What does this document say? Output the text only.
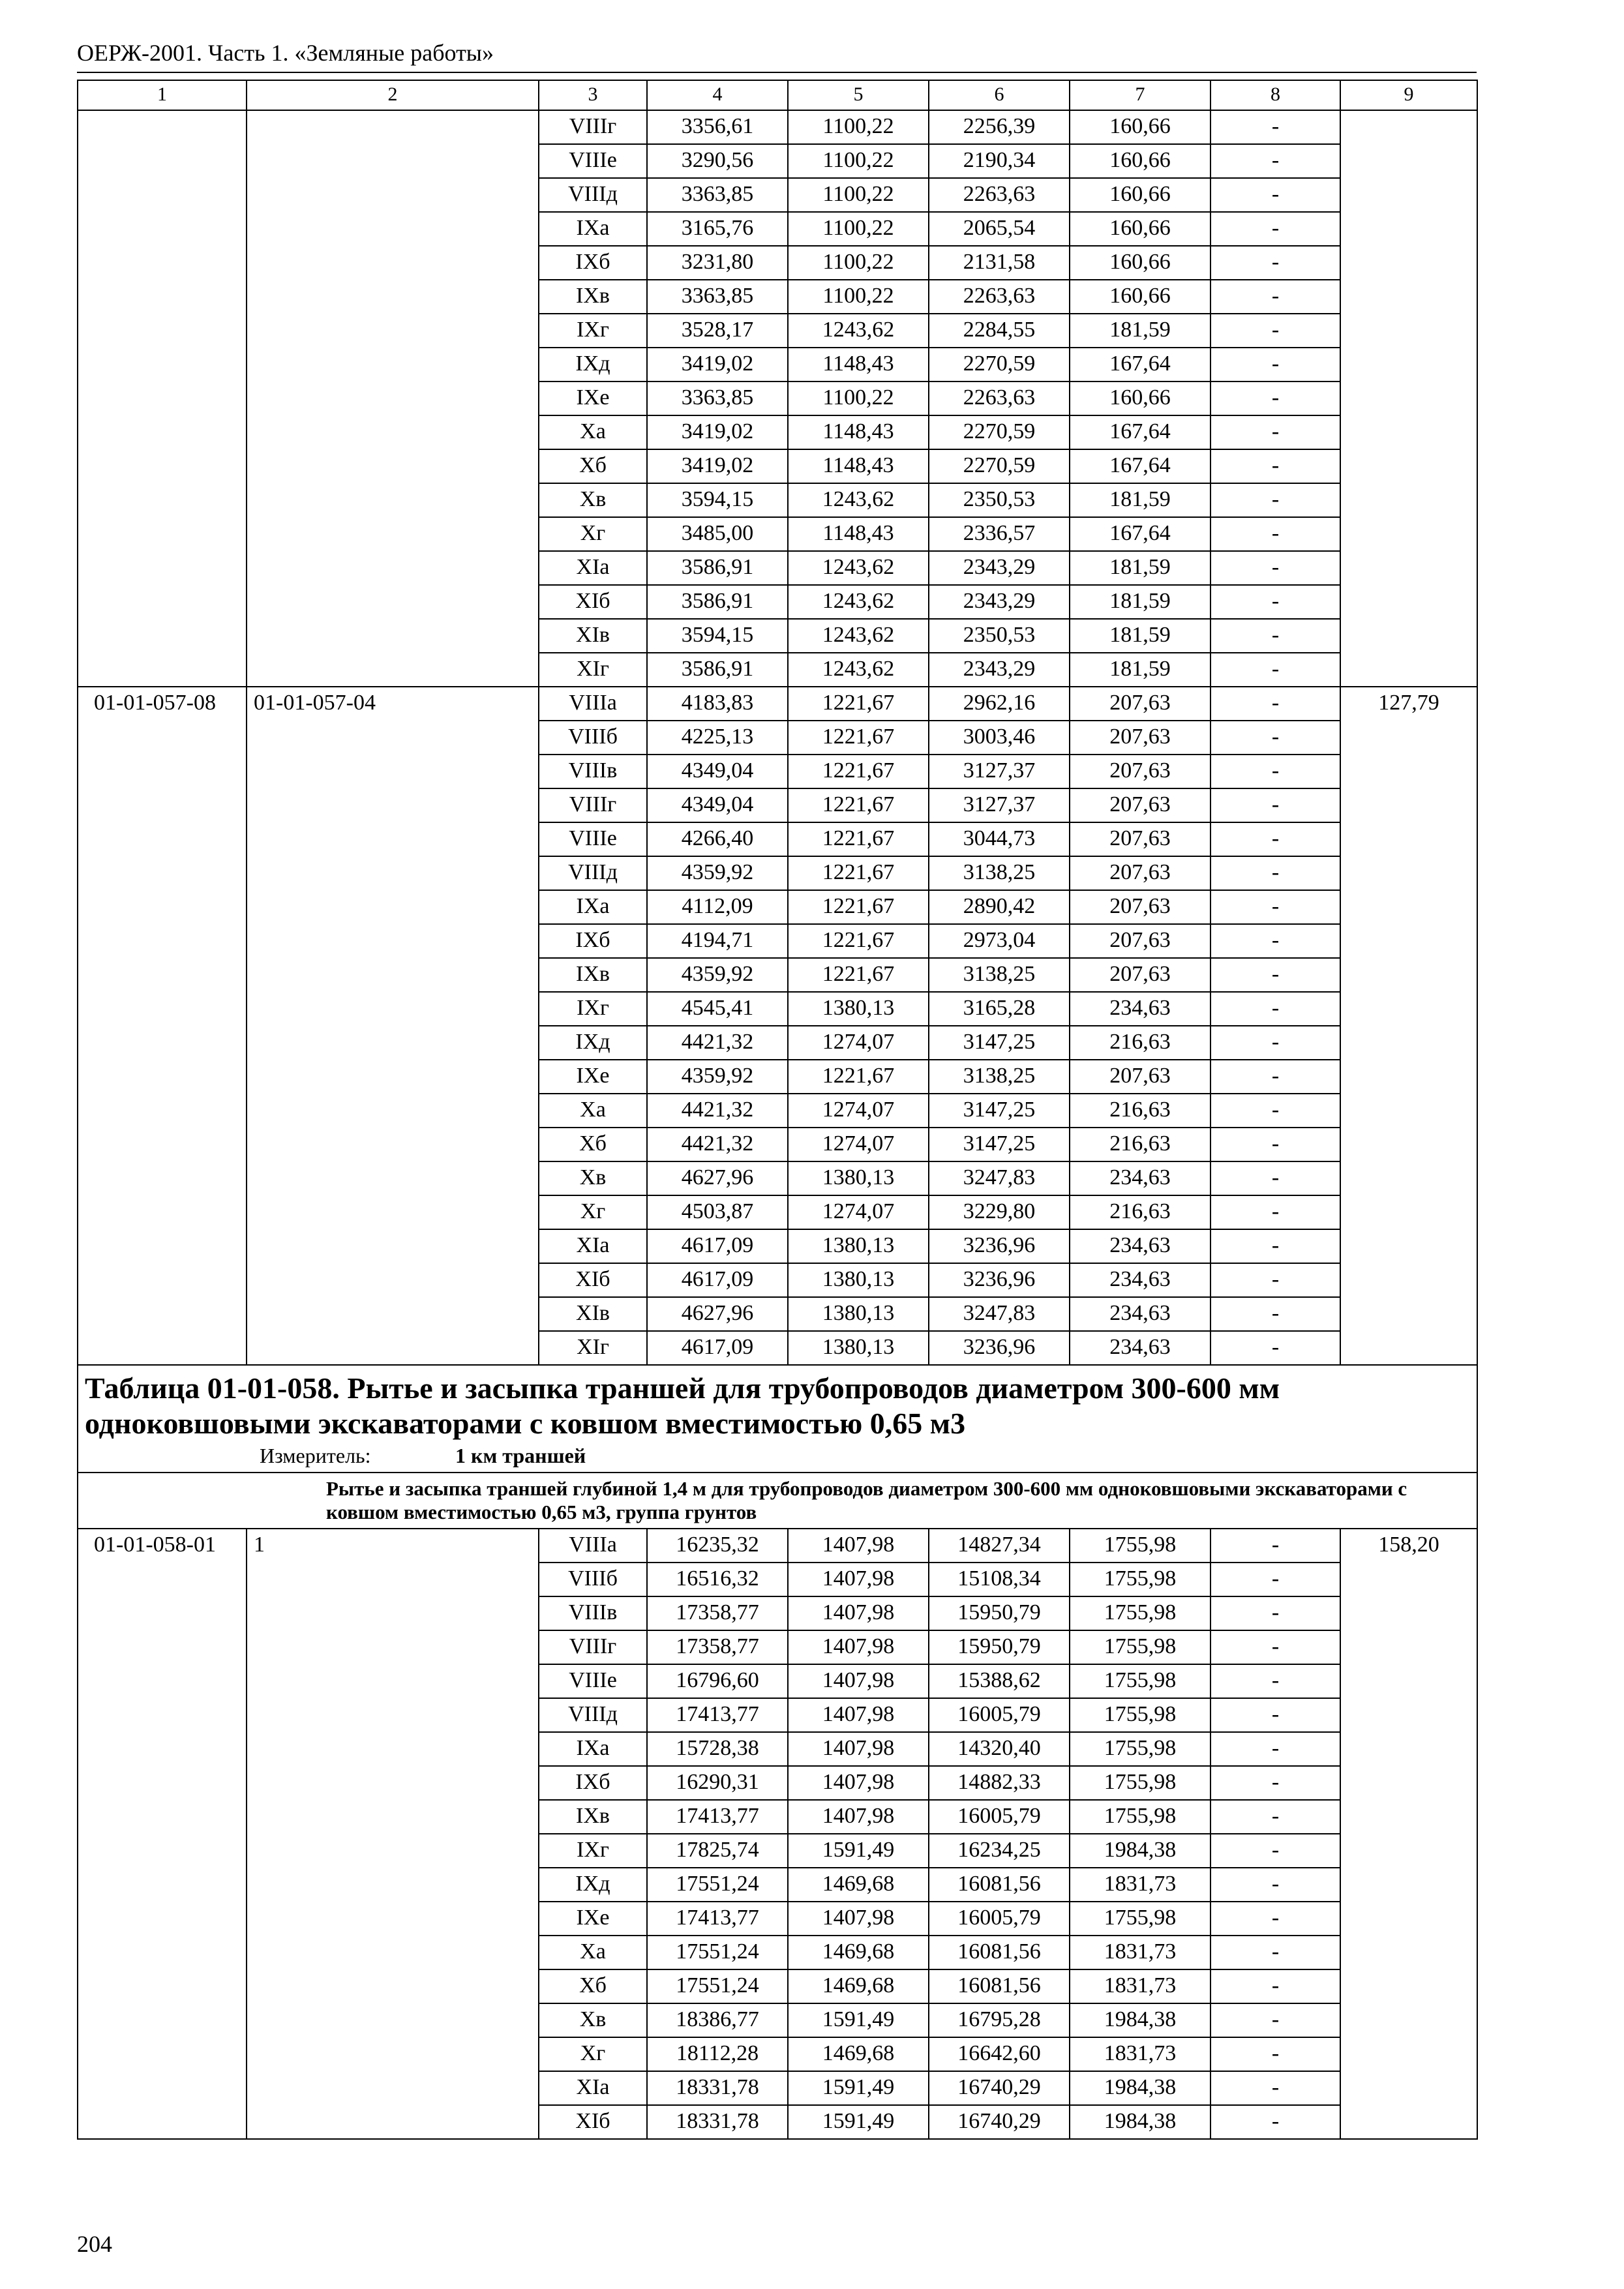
ОЕРЖ-2001. Часть 1. «Земляные работы»
1	2	3	4	5	6	7	8	9
		VIIIг	3356,61	1100,22	2256,39	160,66	-	
		VIIIе	3290,56	1100,22	2190,34	160,66	-	
		VIIIд	3363,85	1100,22	2263,63	160,66	-	
		IXа	3165,76	1100,22	2065,54	160,66	-	
		IXб	3231,80	1100,22	2131,58	160,66	-	
		IXв	3363,85	1100,22	2263,63	160,66	-	
		IXг	3528,17	1243,62	2284,55	181,59	-	
		IXд	3419,02	1148,43	2270,59	167,64	-	
		IXе	3363,85	1100,22	2263,63	160,66	-	
		Xа	3419,02	1148,43	2270,59	167,64	-	
		Xб	3419,02	1148,43	2270,59	167,64	-	
		Xв	3594,15	1243,62	2350,53	181,59	-	
		Xг	3485,00	1148,43	2336,57	167,64	-	
		XIа	3586,91	1243,62	2343,29	181,59	-	
		XIб	3586,91	1243,62	2343,29	181,59	-	
		XIв	3594,15	1243,62	2350,53	181,59	-	
		XIг	3586,91	1243,62	2343,29	181,59	-	
01-01-057-08	01-01-057-04	VIIIа	4183,83	1221,67	2962,16	207,63	-	127,79
		VIIIб	4225,13	1221,67	3003,46	207,63	-	
		VIIIв	4349,04	1221,67	3127,37	207,63	-	
		VIIIг	4349,04	1221,67	3127,37	207,63	-	
		VIIIе	4266,40	1221,67	3044,73	207,63	-	
		VIIIд	4359,92	1221,67	3138,25	207,63	-	
		IXа	4112,09	1221,67	2890,42	207,63	-	
		IXб	4194,71	1221,67	2973,04	207,63	-	
		IXв	4359,92	1221,67	3138,25	207,63	-	
		IXг	4545,41	1380,13	3165,28	234,63	-	
		IXд	4421,32	1274,07	3147,25	216,63	-	
		IXе	4359,92	1221,67	3138,25	207,63	-	
		Xа	4421,32	1274,07	3147,25	216,63	-	
		Xб	4421,32	1274,07	3147,25	216,63	-	
		Xв	4627,96	1380,13	3247,83	234,63	-	
		Xг	4503,87	1274,07	3229,80	216,63	-	
		XIа	4617,09	1380,13	3236,96	234,63	-	
		XIб	4617,09	1380,13	3236,96	234,63	-	
		XIв	4627,96	1380,13	3247,83	234,63	-	
		XIг	4617,09	1380,13	3236,96	234,63	-	

Таблица 01-01-058. Рытье и засыпка траншей для трубопроводов диаметром 300-600 мм одноковшовыми экскаваторами с ковшом вместимостью 0,65 м3
Измеритель: 1 км траншей								

Рытье и засыпка траншей глубиной 1,4 м для трубопроводов диаметром 300-600 мм одноковшовыми экскаваторами с ковшом вместимостью 0,65 м3, группа грунтов								
01-01-058-01	1	VIIIа	16235,32	1407,98	14827,34	1755,98	-	158,20
		VIIIб	16516,32	1407,98	15108,34	1755,98	-	
		VIIIв	17358,77	1407,98	15950,79	1755,98	-	
		VIIIг	17358,77	1407,98	15950,79	1755,98	-	
		VIIIе	16796,60	1407,98	15388,62	1755,98	-	
		VIIIд	17413,77	1407,98	16005,79	1755,98	-	
		IXа	15728,38	1407,98	14320,40	1755,98	-	
		IXб	16290,31	1407,98	14882,33	1755,98	-	
		IXв	17413,77	1407,98	16005,79	1755,98	-	
		IXг	17825,74	1591,49	16234,25	1984,38	-	
		IXд	17551,24	1469,68	16081,56	1831,73	-	
		IXе	17413,77	1407,98	16005,79	1755,98	-	
		Xа	17551,24	1469,68	16081,56	1831,73	-	
		Xб	17551,24	1469,68	16081,56	1831,73	-	
		Xв	18386,77	1591,49	16795,28	1984,38	-	
		Xг	18112,28	1469,68	16642,60	1831,73	-	
		XIа	18331,78	1591,49	16740,29	1984,38	-	
		XIб	18331,78	1591,49	16740,29	1984,38	-	
204
